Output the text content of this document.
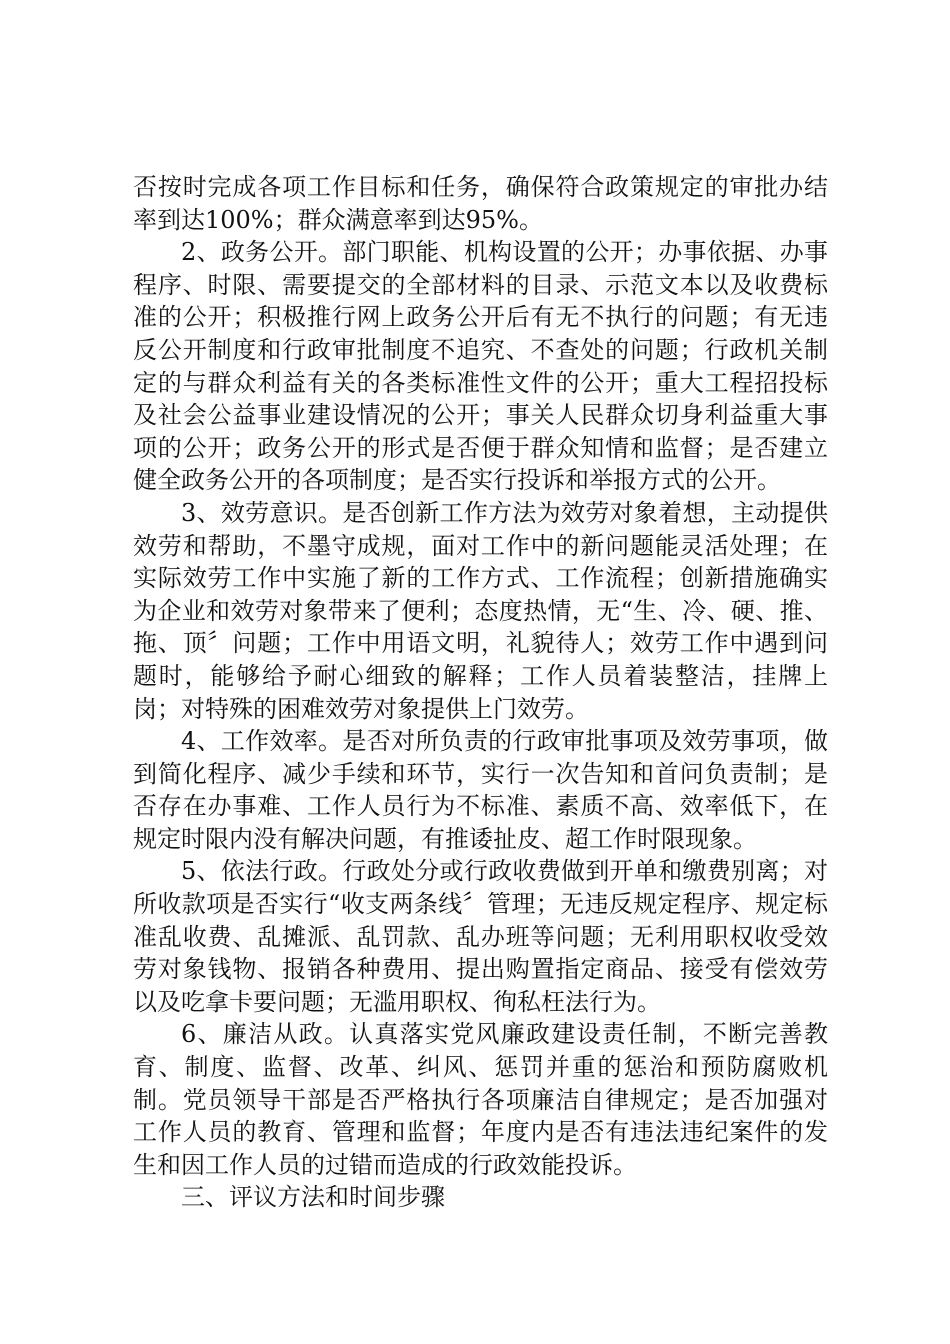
否按时完成各项工作目标和任务，确保符合政策规定的审批办结率到达100%；群众满意率到达95%。

2、政务公开。部门职能、机构设置的公开；办事依据、办事程序、时限、需要提交的全部材料的目录、示范文本以及收费标准的公开；积极推行网上政务公开后有无不执行的问题；有无违反公开制度和行政审批制度不追究、不查处的问题；行政机关制定的与群众利益有关的各类标准性文件的公开；重大工程招投标及社会公益事业建设情况的公开；事关人民群众切身利益重大事项的公开；政务公开的形式是否便于群众知情和监督；是否建立健全政务公开的各项制度；是否实行投诉和举报方式的公开。

3、效劳意识。是否创新工作方法为效劳对象着想，主动提供效劳和帮助，不墨守成规，面对工作中的新问题能灵活处理；在实际效劳工作中实施了新的工作方式、工作流程；创新措施确实为企业和效劳对象带来了便利；态度热情，无“生、冷、硬、推、拖、顶〞问题；工作中用语文明，礼貌待人；效劳工作中遇到问题时，能够给予耐心细致的解释；工作人员着装整洁，挂牌上岗；对特殊的困难效劳对象提供上门效劳。

4、工作效率。是否对所负责的行政审批事项及效劳事项，做到简化程序、减少手续和环节，实行一次告知和首问负责制；是否存在办事难、工作人员行为不标准、素质不高、效率低下，在规定时限内没有解决问题，有推诿扯皮、超工作时限现象。

5、依法行政。行政处分或行政收费做到开单和缴费别离；对所收款项是否实行“收支两条线〞管理；无违反规定程序、规定标准乱收费、乱摊派、乱罚款、乱办班等问题；无利用职权收受效劳对象钱物、报销各种费用、提出购置指定商品、接受有偿效劳以及吃拿卡要问题；无滥用职权、徇私枉法行为。

6、廉洁从政。认真落实党风廉政建设责任制，不断完善教育、制度、监督、改革、纠风、惩罚并重的惩治和预防腐败机制。党员领导干部是否严格执行各项廉洁自律规定；是否加强对工作人员的教育、管理和监督；年度内是否有违法违纪案件的发生和因工作人员的过错而造成的行政效能投诉。

三、评议方法和时间步骤
